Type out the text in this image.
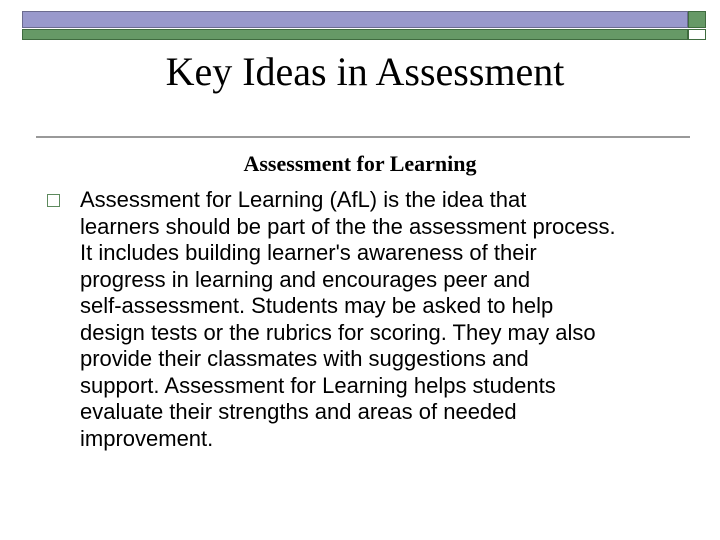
Key Ideas in Assessment
Assessment for Learning
Assessment for Learning (AfL) is the idea that
learners should be part of the the assessment process.
It includes building learner's awareness of their
progress in learning and encourages peer and
self-assessment. Students may be asked to help
design tests or the rubrics for scoring. They may also
provide their classmates with suggestions and
support. Assessment for Learning helps students
evaluate their strengths and areas of needed
improvement.
